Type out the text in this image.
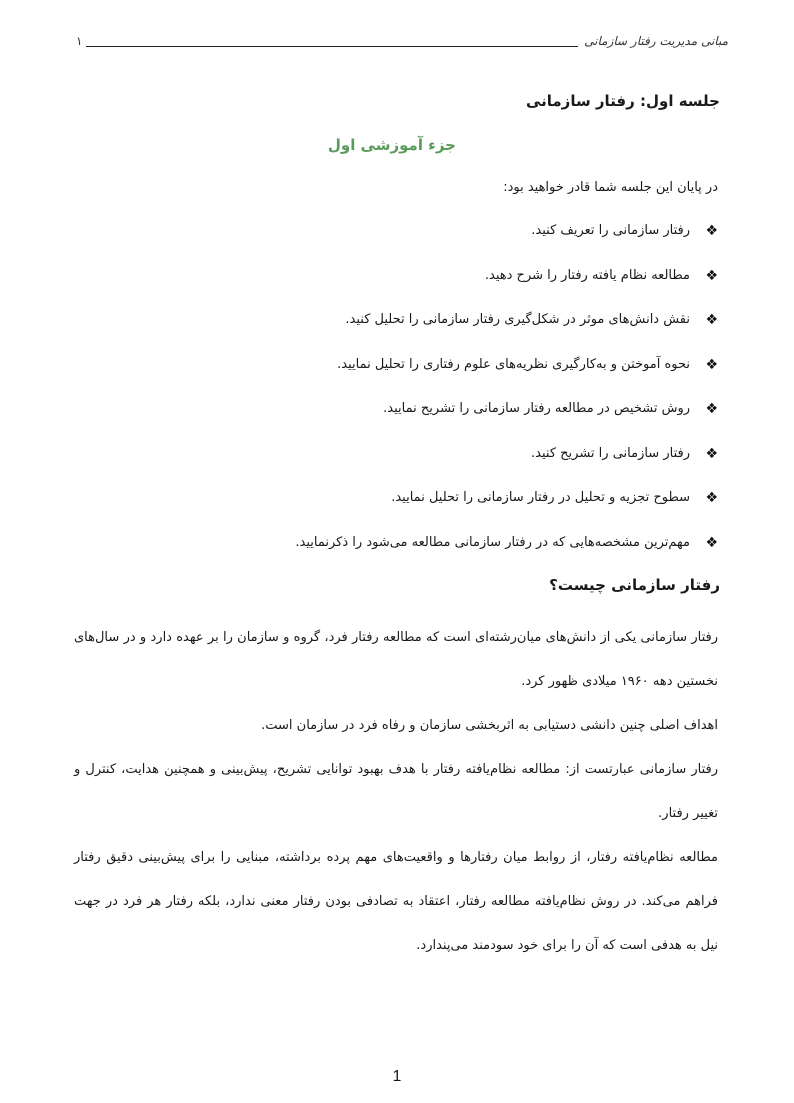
مبانی مدیریت رفتار سازمانی
۱
جلسه اول: رفتار سازمانی
جزء آموزشی اول
در پایان این جلسه شما قادر خواهید بود:
❖
رفتار سازمانی را تعریف کنید.
❖
مطالعه نظام یافته رفتار را شرح دهید.
❖
نقش دانش‌های موثر در شکل‌گیری رفتار سازمانی را تحلیل کنید.
❖
نحوه آموختن و به‌کارگیری نظریه‌های علوم رفتاری را تحلیل نمایید.
❖
روش تشخیص در مطالعه رفتار سازمانی را تشریح نمایید.
❖
رفتار سازمانی را تشریح کنید.
❖
سطوح تجزیه و تحلیل در رفتار سازمانی را تحلیل نمایید.
❖
مهم‌ترین مشخصه‌هایی که در رفتار سازمانی مطالعه می‌شود را ذکرنمایید.
رفتار سازمانی چیست؟

رفتار سازمانی یکی از دانش‌های میان‌رشته‌ای است که مطالعه رفتار فرد، گروه و سازمان را بر عهده دارد و در سال‌های نخستین دهه ۱۹۶۰ میلادی ظهور کرد.

اهداف اصلی چنین دانشی دستیابی به اثربخشی سازمان و رفاه فرد در سازمان است.

رفتار سازمانی عبارتست از: مطالعه نظام‌یافته رفتار با هدف بهبود توانایی تشریح، پیش‌بینی و همچنین هدایت، کنترل و تغییر رفتار.

مطالعه نظام‌یافته رفتار، از روابط میان رفتارها و واقعیت‌های مهم پرده برداشته، مبنایی را برای پیش‌بینی دقیق رفتار فراهم می‌کند. در روش نظام‌یافته مطالعه رفتار، اعتقاد به تصادفی بودن رفتار معنی ندارد، بلکه رفتار هر فرد در جهت نیل به هدفی است که آن را برای خود سودمند می‌پندارد.

1
